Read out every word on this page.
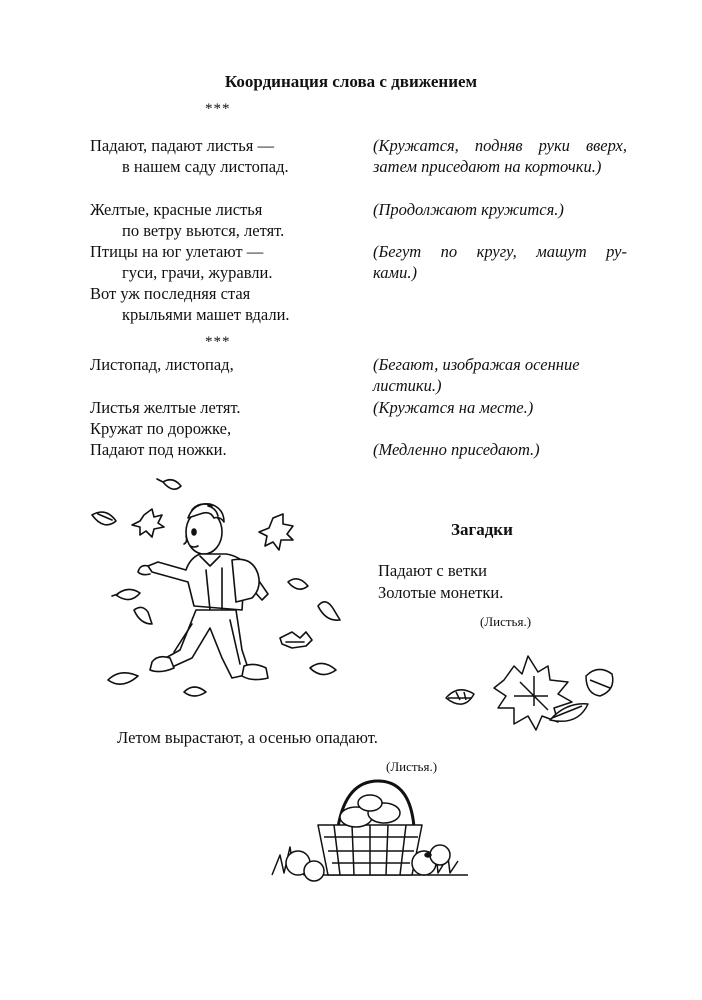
Координация слова с движением
***
Падают, падают листья —
в нашем саду листопад.
Желтые, красные листья
по ветру вьются, летят.
Птицы на юг улетают —
гуси, грачи, журавли.
Вот уж последняя стая
крыльями машет вдали.
(Кружатся, подняв руки вверх, затем приседают на корточки.)
(Продолжают кружится.)
(Бегут по кругу, машут ру-
ками.)
***
Листопад, листопад,
Листья желтые летят.
Кружат по дорожке,
Падают под ножки.
(Бегают, изображая осенние листики.)
(Кружатся на месте.)
(Медленно приседают.)
Загадки
Падают с ветки
Золотые монетки.
(Листья.)
Летом вырастают, а осенью опадают.
(Листья.)
